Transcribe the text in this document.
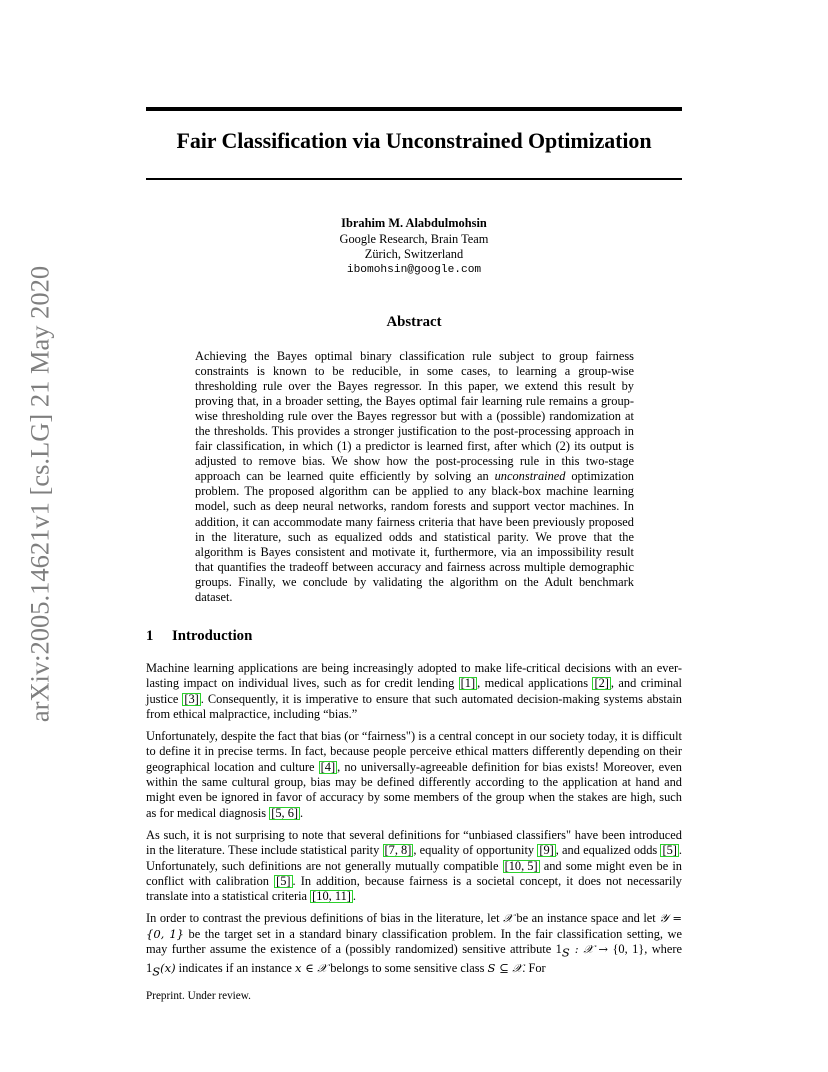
arXiv:2005.14621v1 [cs.LG] 21 May 2020
Fair Classification via Unconstrained Optimization
Ibrahim M. Alabdulmohsin
Google Research, Brain Team
Zürich, Switzerland
ibomohsin@google.com
Abstract
Achieving the Bayes optimal binary classification rule subject to group fairness constraints is known to be reducible, in some cases, to learning a group-wise thresholding rule over the Bayes regressor. In this paper, we extend this result by proving that, in a broader setting, the Bayes optimal fair learning rule remains a group-wise thresholding rule over the Bayes regressor but with a (possible) randomization at the thresholds. This provides a stronger justification to the post-processing approach in fair classification, in which (1) a predictor is learned first, after which (2) its output is adjusted to remove bias. We show how the post-processing rule in this two-stage approach can be learned quite efficiently by solving an unconstrained optimization problem. The proposed algorithm can be applied to any black-box machine learning model, such as deep neural networks, random forests and support vector machines. In addition, it can accommodate many fairness criteria that have been previously proposed in the literature, such as equalized odds and statistical parity. We prove that the algorithm is Bayes consistent and motivate it, furthermore, via an impossibility result that quantifies the tradeoff between accuracy and fairness across multiple demographic groups. Finally, we conclude by validating the algorithm on the Adult benchmark dataset.
1 Introduction

Machine learning applications are being increasingly adopted to make life-critical decisions with an ever-lasting impact on individual lives, such as for credit lending [1] , medical applications [2] , and criminal justice [3] . Consequently, it is imperative to ensure that such automated decision-making systems abstain from ethical malpractice, including “bias.”

Unfortunately, despite the fact that bias (or “fairness") is a central concept in our society today, it is difficult to define it in precise terms. In fact, because people perceive ethical matters differently depending on their geographical location and culture [4] , no universally-agreeable definition for bias exists! Moreover, even within the same cultural group, bias may be defined differently according to the application at hand and might even be ignored in favor of accuracy by some members of the group when the stakes are high, such as for medical diagnosis [5, 6] .

As such, it is not surprising to note that several definitions for “unbiased classifiers" have been introduced in the literature. These include statistical parity [7, 8] , equality of opportunity [9] , and equalized odds [5] . Unfortunately, such definitions are not generally mutually compatible [10, 5] and some might even be in conflict with calibration [5] . In addition, because fairness is a societal concept, it does not necessarily translate into a statistical criteria [10, 11] .

In order to contrast the previous definitions of bias in the literature, let 𝒳 be an instance space and let 𝒴 = {0, 1} be the target set in a standard binary classification problem. In the fair classification setting, we may further assume the existence of a (possibly randomized) sensitive attribute $1_S$ : 𝒳 → {0, 1}, where $1_S(x)$ indicates if an instance x ∈ 𝒳 belongs to some sensitive class S ⊆ 𝒳. For

Preprint. Under review.
